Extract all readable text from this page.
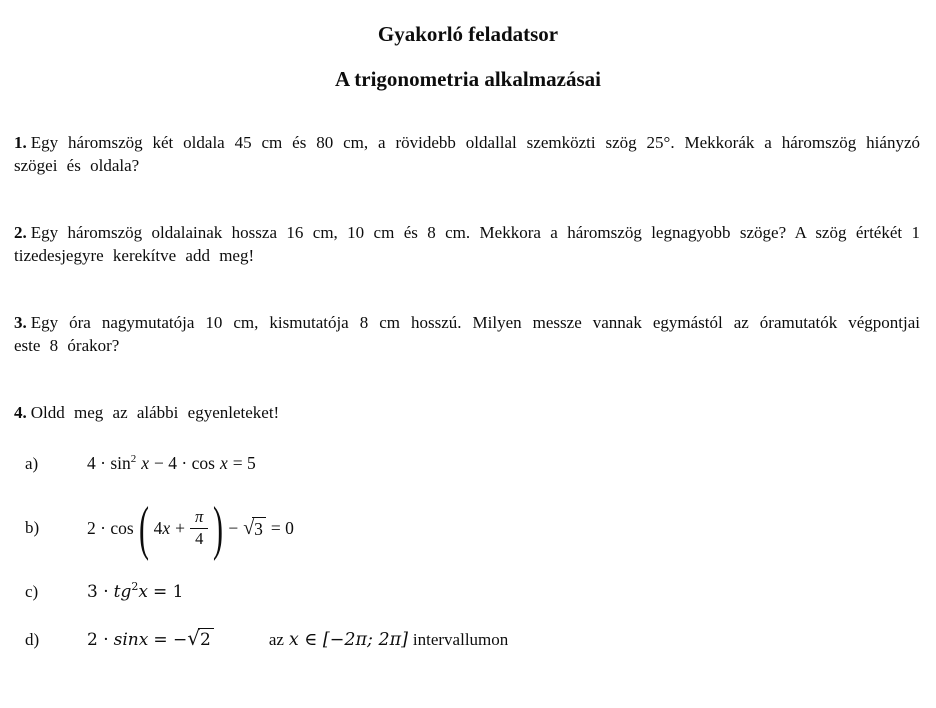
Gyakorló feladatsor
A trigonometria alkalmazásai

1. Egy háromszög két oldala 45 cm és 80 cm, a rövidebb oldallal szemközti szög 25°. Mekkorák a háromszög hiányzó szögei és oldala?

2. Egy háromszög oldalainak hossza 16 cm, 10 cm és 8 cm. Mekkora a háromszög legnagyobb szöge? A szög értékét 1 tizedesjegyre kerekítve add meg!

3. Egy óra nagymutatója 10 cm, kismutatója 8 cm hosszú. Milyen messze vannak egymástól az óramutatók végpontjai este 8 órakor?

4. Oldd meg az alábbi egyenleteket!

a)	$4 \cdot \sin^2 x - 4 \cdot \cos x = 5$
b)	2 · cos ( $4x + \frac{\pi}{4}$ ) − √ 3 = 0
c)	$3 \cdot tg^2x = 1$
d)	2 · sinx = −√2	az x ∈ [−2π; 2π] intervallumon
